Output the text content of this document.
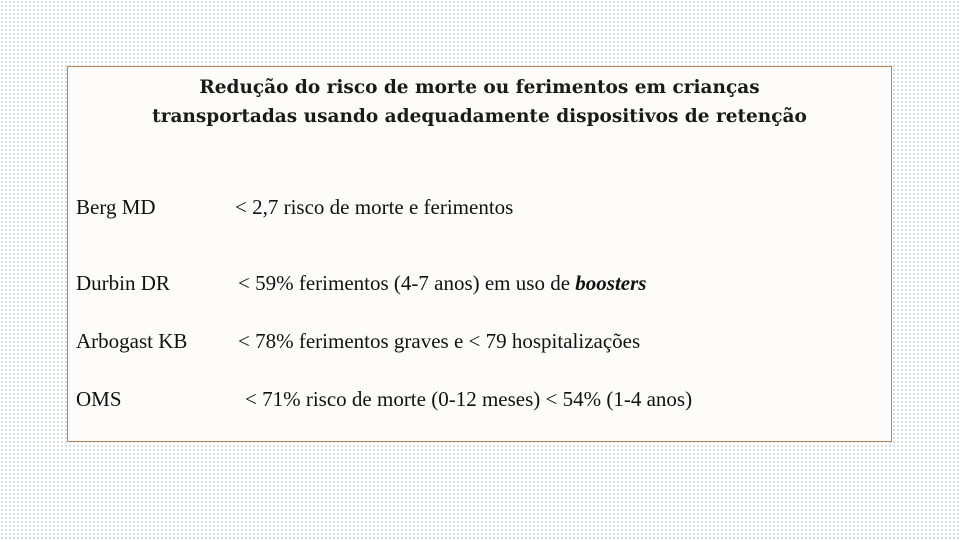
Redução do risco de morte ou ferimentos em crianças
transportadas usando adequadamente dispositivos de retenção
Berg MD	< 2,7 risco de morte e ferimentos
Durbin DR	< 59% ferimentos (4-7 anos) em uso de boosters
Arbogast KB < 78% ferimentos graves e < 79 hospitalizações
OMS	< 71% risco de morte (0-12 meses) < 54% (1-4 anos)
